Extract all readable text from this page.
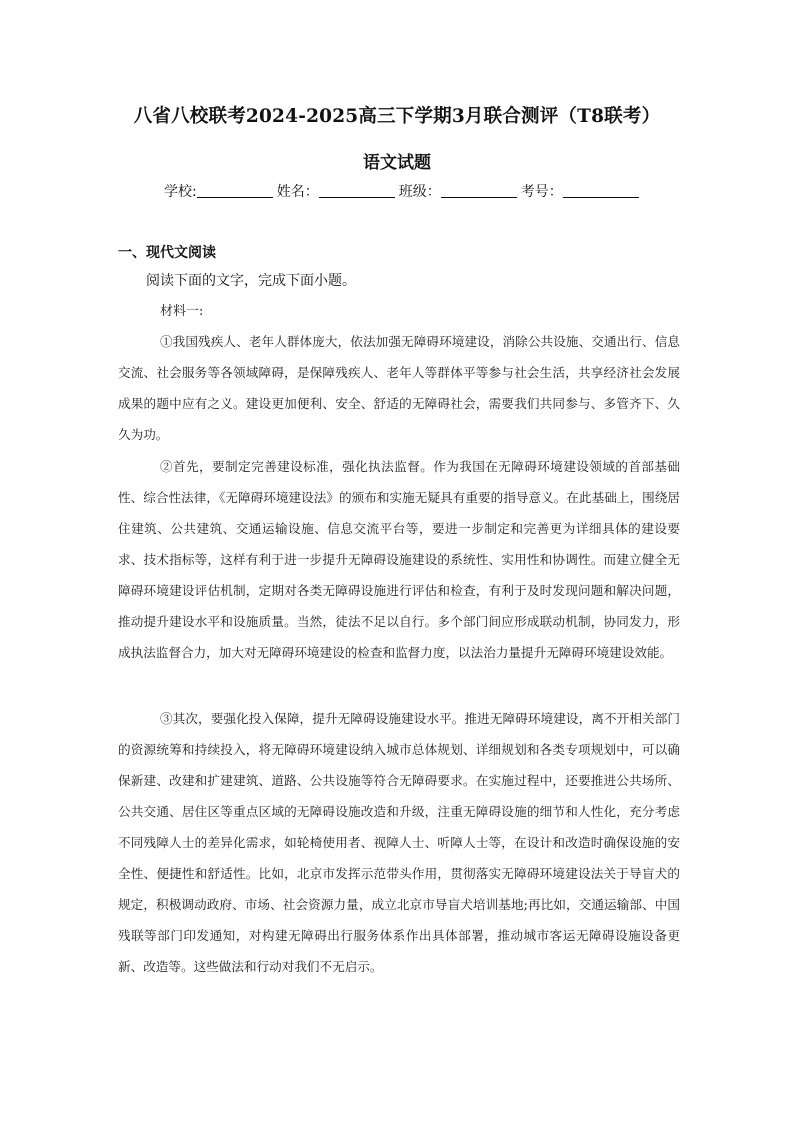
八省八校联考2024-2025高三下学期3月联合测评（T8联考）
语文试题
学校:	姓名：	班级：	考号：
一、现代文阅读
阅读下面的文字，完成下面小题。
材料一:
①我国残疾人、老年人群体庞大，依法加强无障碍环境建设，消除公共设施、交通出行、信息交流、社会服务等各领域障碍，是保障残疾人、老年人等群体平等参与社会生活，共享经济社会发展成果的题中应有之义。建设更加便利、安全、舒适的无障碍社会，需要我们共同参与、多管齐下、久久为功。
②首先，要制定完善建设标准，强化执法监督。作为我国在无障碍环境建设领域的首部基础性、综合性法律，《无障碍环境建设法》的颁布和实施无疑具有重要的指导意义。在此基础上，围绕居住建筑、公共建筑、交通运输设施、信息交流平台等，要进一步制定和完善更为详细具体的建设要求、技术指标等，这样有利于进一步提升无障碍设施建设的系统性、实用性和协调性。而建立健全无障碍环境建设评估机制，定期对各类无障碍设施进行评估和检查，有利于及时发现问题和解决问题，推动提升建设水平和设施质量。当然，徒法不足以自行。多个部门间应形成联动机制，协同发力，形成执法监督合力，加大对无障碍环境建设的检查和监督力度，以法治力量提升无障碍环境建设效能。
③其次，要强化投入保障，提升无障碍设施建设水平。推进无障碍环境建设，离不开相关部门的资源统筹和持续投入，将无障碍环境建设纳入城市总体规划、详细规划和各类专项规划中，可以确保新建、改建和扩建建筑、道路、公共设施等符合无障碍要求。在实施过程中，还要推进公共场所、公共交通、居住区等重点区域的无障碍设施改造和升级，注重无障碍设施的细节和人性化，充分考虑不同残障人士的差异化需求，如轮椅使用者、视障人士、听障人士等，在设计和改造时确保设施的安全性、便捷性和舒适性。比如，北京市发挥示范带头作用，贯彻落实无障碍环境建设法关于导盲犬的规定，积极调动政府、市场、社会资源力量，成立北京市导盲犬培训基地;再比如，交通运输部、中国残联等部门印发通知，对构建无障碍出行服务体系作出具体部署，推动城市客运无障碍设施设备更新、改造等。这些做法和行动对我们不无启示。
